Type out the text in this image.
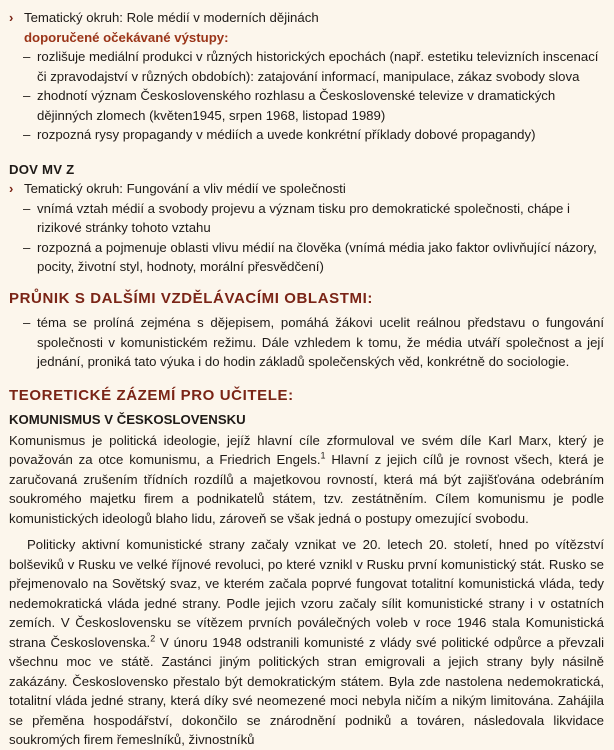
› Tematický okruh: Role médií v moderních dějinách

doporučené očekávané výstupy:
– rozlišuje mediální produkci v různých historických epochách (např. estetiku televizních inscenací či zpravodajství v různých obdobích): zatajování informací, manipulace, zákaz svobody slova
– zhodnotí význam Československého rozhlasu a Československé televize v dramatických dějinných zlomech (květen1945, srpen 1968, listopad 1989)
– rozpozná rysy propagandy v médiích a uvede konkrétní příklady dobové propagandy)
DOV MV Z

› Tematický okruh: Fungování a vliv médií ve společnosti

– vnímá vztah médií a svobody projevu a význam tisku pro demokratické společnosti, chápe i rizikové stránky tohoto vztahu
– rozpozná a pojmenuje oblasti vlivu médií na člověka (vnímá média jako faktor ovlivňující názory, pocity, životní styl, hodnoty, morální přesvědčení)
PRŮNIK S DALŠÍMI VZDĚLÁVACÍMI OBLASTMI:
– téma se prolíná zejména s dějepisem, pomáhá žákovi ucelit reálnou představu o fungování společnosti v komunistickém režimu. Dále vzhledem k tomu, že média utváří společnost a její jednání, proniká tato výuka i do hodin základů společenských věd, konkrétně do sociologie.
TEORETICKÉ ZÁZEMÍ PRO UČITELE:
KOMUNISMUS V ČESKOSLOVENSKU

Komunismus je politická ideologie, jejíž hlavní cíle zformuloval ve svém díle Karl Marx, který je považován za otce komunismu, a Friedrich Engels.$^1$ Hlavní z jejich cílů je rovnost všech, která je zaručovaná zrušením třídních rozdílů a majetkovou rovností, která má být zajišťována odebráním soukromého majetku firem a podnikatelů státem, tzv. zestátněním. Cílem komunismu je podle komunistických ideologů blaho lidu, zároveň se však jedná o postupy omezující svobodu.

Politicky aktivní komunistické strany začaly vznikat ve 20. letech 20. století, hned po vítězství bolševiků v Rusku ve velké říjnové revoluci, po které vznikl v Rusku první komunistický stát. Rusko se přejmenovalo na Sovětský svaz, ve kterém začala poprvé fungovat totalitní komunistická vláda, tedy nedemokratická vláda jedné strany. Podle jejich vzoru začaly sílit komunistické strany i v ostatních zemích. V Československu se vítězem prvních poválečných voleb v roce 1946 stala Komunistická strana Československa.$^2$ V únoru 1948 odstranili komunisté z vlády své politické odpůrce a převzali všechnu moc ve státě. Zastánci jiným politických stran emigrovali a jejich strany byly násilně zakázány. Československo přestalo být demokratickým státem. Byla zde nastolena nedemokratická, totalitní vláda jedné strany, která díky své neomezené moci nebyla ničím a nikým limitována. Zahájila se přeměna hospodářství, dokončilo se znárodnění podniků a továren, následovala likvidace soukromých firem řemeslníků, živnostníků
